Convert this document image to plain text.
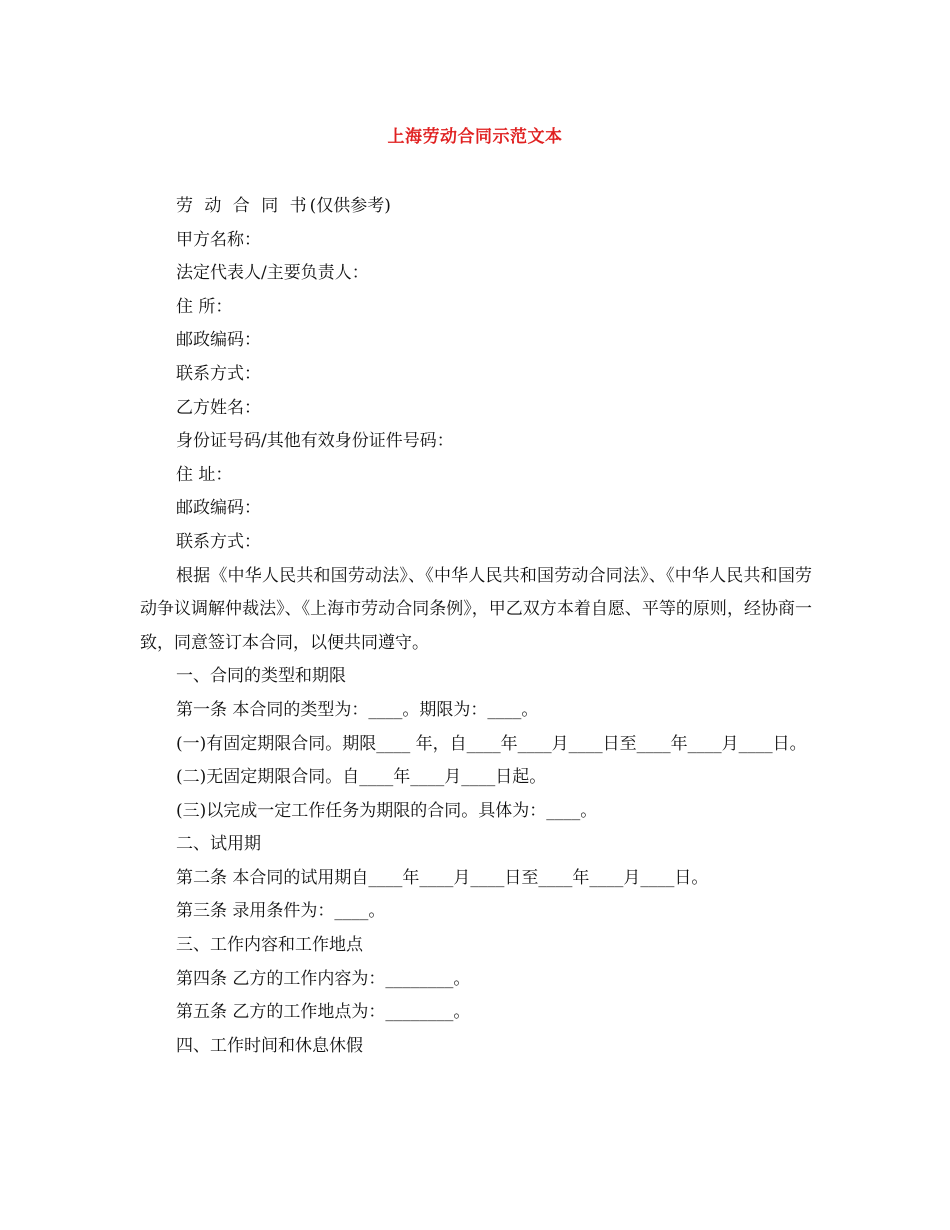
上海劳动合同示范文本

劳 动 合 同 书(仅供参考)

甲方名称：

法定代表人/主要负责人：

住 所：

邮政编码：

联系方式：

乙方姓名：

身份证号码/其他有效身份证件号码：

住 址：

邮政编码：

联系方式：

根据《中华人民共和国劳动法》、《中华人民共和国劳动合同法》、《中华人民共和国劳动争议调解仲裁法》、《上海市劳动合同条例》，甲乙双方本着自愿、平等的原则，经协商一致，同意签订本合同，以便共同遵守。

一、合同的类型和期限

第一条 本合同的类型为：____。期限为：____。

(一)有固定期限合同。期限____ 年，自____年____月____日至____年____月____日。

(二)无固定期限合同。自____年____月____日起。

(三)以完成一定工作任务为期限的合同。具体为：____。

二、试用期

第二条 本合同的试用期自____年____月____日至____年____月____日。

第三条 录用条件为：____。

三、工作内容和工作地点

第四条 乙方的工作内容为：________。

第五条 乙方的工作地点为：________。

四、工作时间和休息休假
